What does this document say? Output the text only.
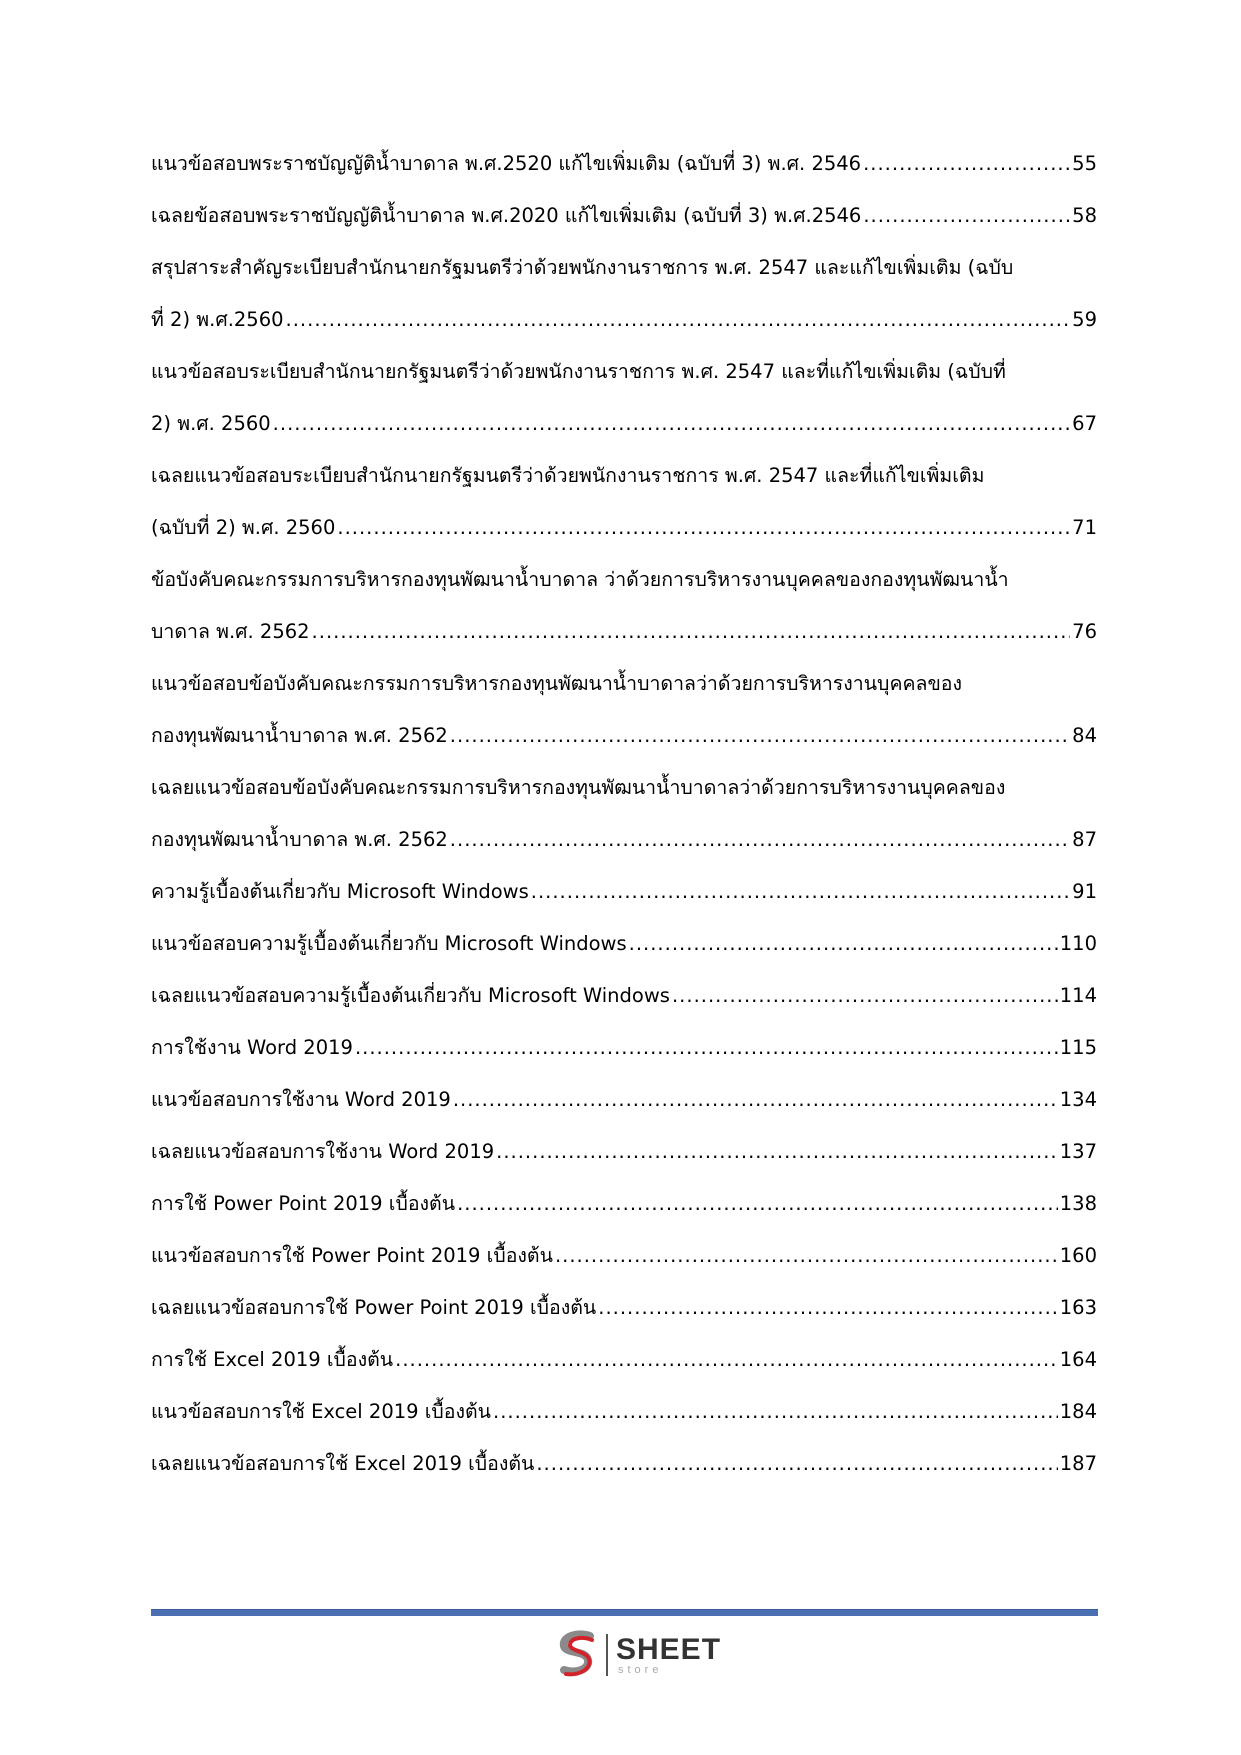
แนวข้อสอบพระราชบัญญัติน้ำบาดาล พ.ศ.2520 แก้ไขเพิ่มเติม (ฉบับที่ 3) พ.ศ. 2546 .....	55
เฉลยข้อสอบพระราชบัญญัติน้ำบาดาล พ.ศ.2020 แก้ไขเพิ่มเติม (ฉบับที่ 3) พ.ศ.2546 .....	58
สรุปสาระสำคัญระเบียบสำนักนายกรัฐมนตรีว่าด้วยพนักงานราชการ พ.ศ. 2547 และแก้ไขเพิ่มเติม (ฉบับ
ที่ 2) พ.ศ.2560 .....	59
แนวข้อสอบระเบียบสำนักนายกรัฐมนตรีว่าด้วยพนักงานราชการ พ.ศ. 2547 และที่แก้ไขเพิ่มเติม (ฉบับที่
2) พ.ศ. 2560 .....	67
เฉลยแนวข้อสอบระเบียบสำนักนายกรัฐมนตรีว่าด้วยพนักงานราชการ พ.ศ. 2547 และที่แก้ไขเพิ่มเติม
(ฉบับที่ 2) พ.ศ. 2560 .....	71
ข้อบังคับคณะกรรมการบริหารกองทุนพัฒนาน้ำบาดาล ว่าด้วยการบริหารงานบุคคลของกองทุนพัฒนาน้ำ
บาดาล พ.ศ. 2562 .....	76
แนวข้อสอบข้อบังคับคณะกรรมการบริหารกองทุนพัฒนาน้ำบาดาลว่าด้วยการบริหารงานบุคคลของ
กองทุนพัฒนาน้ำบาดาล พ.ศ. 2562 .....	84
เฉลยแนวข้อสอบข้อบังคับคณะกรรมการบริหารกองทุนพัฒนาน้ำบาดาลว่าด้วยการบริหารงานบุคคลของ
กองทุนพัฒนาน้ำบาดาล พ.ศ. 2562 .....	87
ความรู้เบื้องต้นเกี่ยวกับ Microsoft Windows .....	91
แนวข้อสอบความรู้เบื้องต้นเกี่ยวกับ Microsoft Windows .....	110
เฉลยแนวข้อสอบความรู้เบื้องต้นเกี่ยวกับ Microsoft Windows .....	114
การใช้งาน Word 2019 .....	115
แนวข้อสอบการใช้งาน Word 2019 .....	134
เฉลยแนวข้อสอบการใช้งาน Word 2019 .....	137
การใช้ Power Point 2019 เบื้องต้น .....	138
แนวข้อสอบการใช้ Power Point 2019 เบื้องต้น .....	160
เฉลยแนวข้อสอบการใช้ Power Point 2019 เบื้องต้น .....	163
การใช้ Excel 2019 เบื้องต้น .....	164
แนวข้อสอบการใช้ Excel 2019 เบื้องต้น .....	184
เฉลยแนวข้อสอบการใช้ Excel 2019 เบื้องต้น .....	187
SHEET
store
